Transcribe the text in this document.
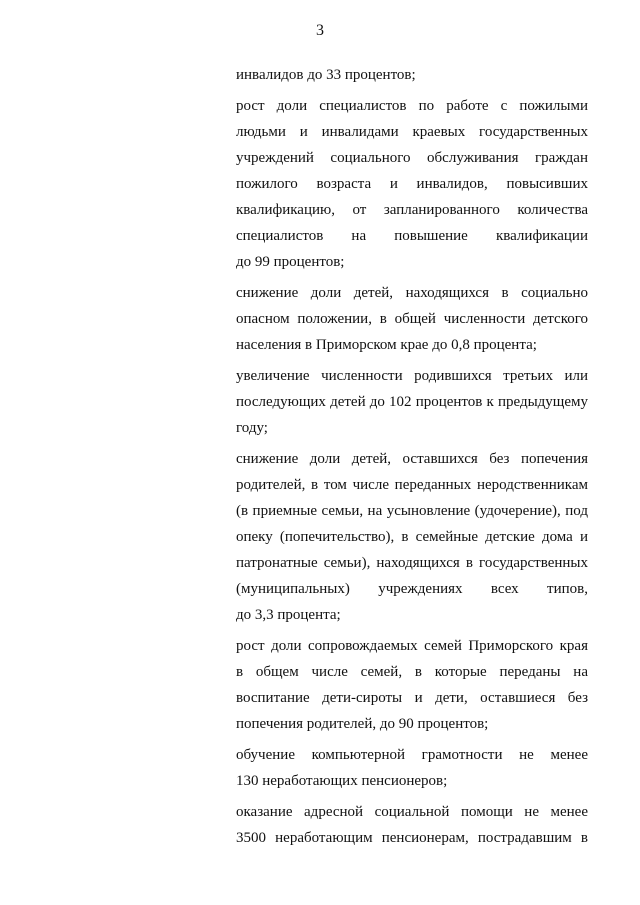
3
инвалидов до 33 процентов;
рост доли специалистов по работе с пожилыми
людьми и инвалидами краевых государственных
учреждений социального обслуживания граждан
пожилого возраста и инвалидов, повысивших
квалификацию, от запланированного количества
специалистов на повышение квалификации
до 99 процентов;
снижение доли детей, находящихся в социально
опасном положении, в общей численности детского
населения в Приморском крае до 0,8 процента;
увеличение численности родившихся третьих или
последующих детей до 102 процентов к предыдущему
году;
снижение доли детей, оставшихся без попечения
родителей, в том числе переданных неродственникам
(в приемные семьи, на усыновление (удочерение), под
опеку (попечительство), в семейные детские дома и
патронатные семьи), находящихся в государственных
(муниципальных) учреждениях всех типов,
до 3,3 процента;
рост доли сопровождаемых семей Приморского края
в общем числе семей, в которые переданы на
воспитание дети-сироты и дети, оставшиеся без
попечения родителей, до 90 процентов;
обучение компьютерной грамотности не менее
130 неработающих пенсионеров;
оказание адресной социальной помощи не менее
3500 неработающим пенсионерам, пострадавшим в
